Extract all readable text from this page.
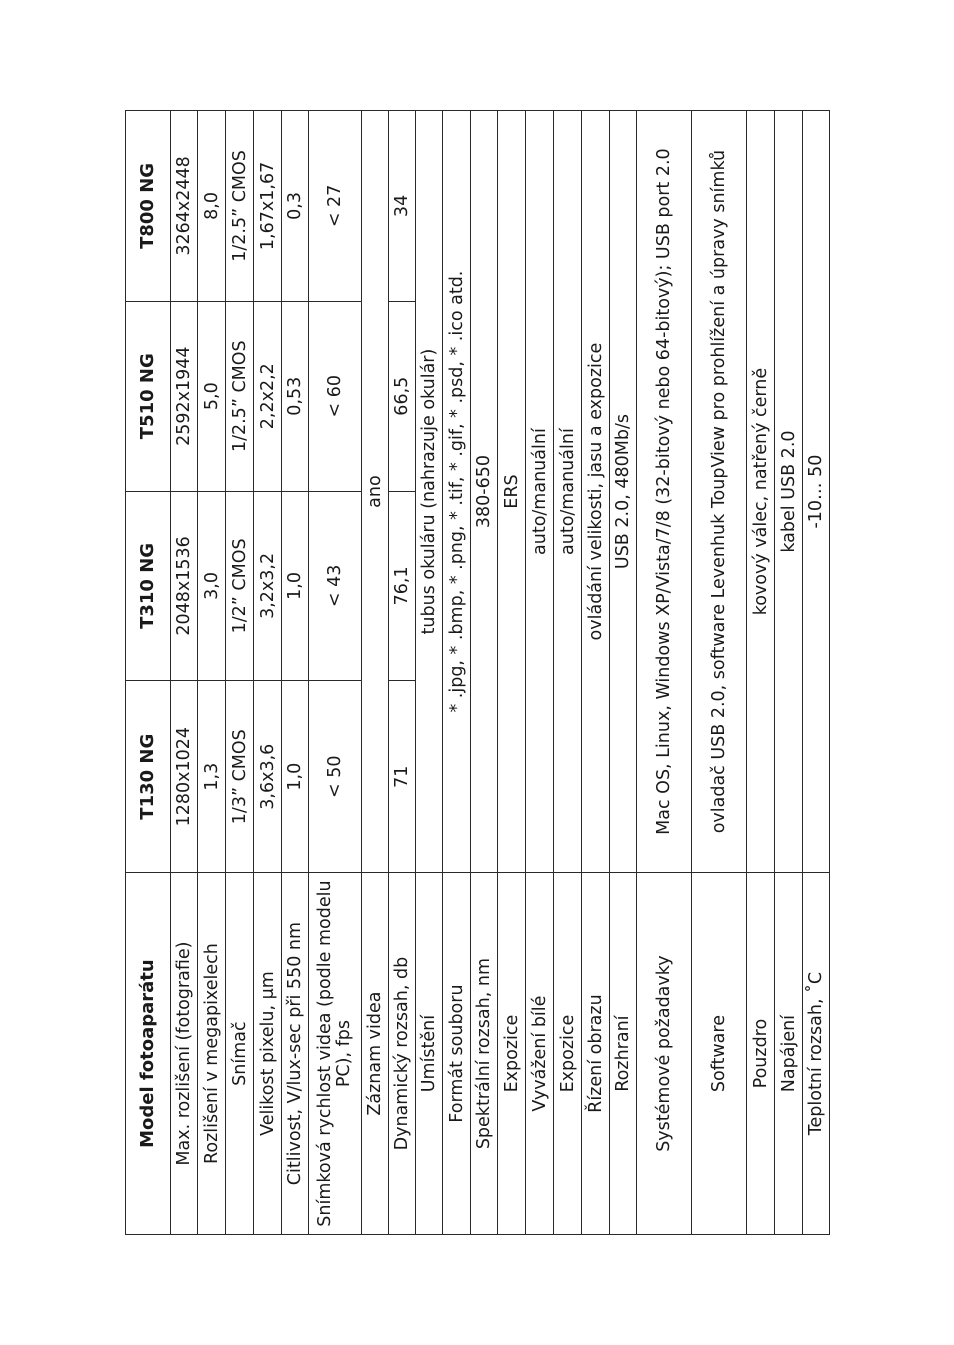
Model fotoaparátu	T130 NG	T310 NG	T510 NG	T800 NG
Max. rozlišení (fotografie)	1280x1024	2048x1536	2592x1944	3264x2448
Rozlišení v megapixelech	1,3	3,0	5,0	8,0
Snímač	1/3” CMOS	1/2” CMOS	1/2.5” CMOS	1/2.5” CMOS
Velikost pixelu, μm	3,6x3,6	3,2x3,2	2,2x2,2	1,67x1,67
Citlivost, V/lux-sec při 550 nm	1,0	1,0	0,53	0,3
Snímková rychlost videa (podle modelu PC), fps	< 50	< 43	< 60	< 27
Záznam videa	ano			
Dynamický rozsah, db	71	76,1	66,5	34
Umístění	tubus okuláru (nahrazuje okulár)			
Formát souboru	* .jpg, * .bmp, * .png, * .tif, * .gif, * .psd, * .ico atd.			
Spektrální rozsah, nm	380-650			
Expozice	ERS			
Vyvážení bílé	auto/manuální			
Expozice	auto/manuální			
Řízení obrazu	ovládání velikosti, jasu a expozice			
Rozhraní	USB 2.0, 480Mb/s			
Systémové požadavky	Mac OS, Linux, Windows XP/Vista/7/8 (32-bitový nebo 64-bitový); USB port 2.0			
Software	ovladač USB 2.0, software Levenhuk ToupView pro prohlížení a úpravy snímků			
Pouzdro	kovový válec, natřený černě			
Napájení	kabel USB 2.0			
Teplotní rozsah, ˚C	-10… 50			
